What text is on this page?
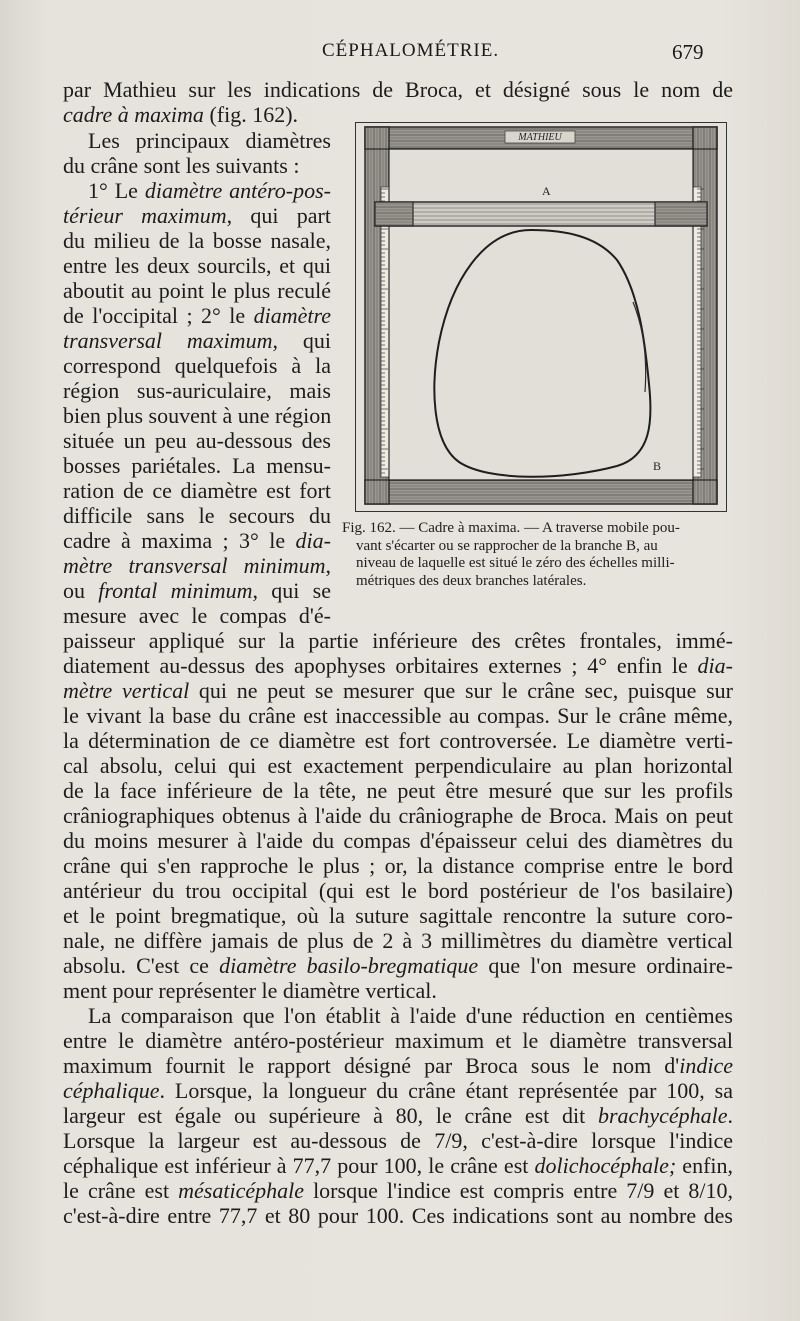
CÉPHALOMÉTRIE.	679
par Mathieu sur les indications de Broca, et désigné sous le nom de
cadre à maxima (fig. 162).
Les principaux diamètres
du crâne sont les suivants :
1° Le diamètre antéro-pos-
térieur maximum, qui part
du milieu de la bosse nasale,
entre les deux sourcils, et qui
aboutit au point le plus reculé
de l'occipital ; 2° le diamètre
transversal maximum, qui
correspond quelquefois à la
région sus-auriculaire, mais
bien plus souvent à une région
située un peu au-dessous des
bosses pariétales. La mensu-
ration de ce diamètre est fort
difficile sans le secours du
cadre à maxima ; 3° le dia-
mètre transversal minimum,
ou frontal minimum, qui se
mesure avec le compas d'é-
paisseur appliqué sur la partie inférieure des crêtes frontales, immé-
diatement au-dessus des apophyses orbitaires externes ; 4° enfin le dia-
mètre vertical qui ne peut se mesurer que sur le crâne sec, puisque sur
le vivant la base du crâne est inaccessible au compas. Sur le crâne même,
la détermination de ce diamètre est fort controversée. Le diamètre verti-
cal absolu, celui qui est exactement perpendiculaire au plan horizontal
de la face inférieure de la tête, ne peut être mesuré que sur les profils
crâniographiques obtenus à l'aide du crâniographe de Broca. Mais on peut
du moins mesurer à l'aide du compas d'épaisseur celui des diamètres du
crâne qui s'en rapproche le plus ; or, la distance comprise entre le bord
antérieur du trou occipital (qui est le bord postérieur de l'os basilaire)
et le point bregmatique, où la suture sagittale rencontre la suture coro-
nale, ne diffère jamais de plus de 2 à 3 millimètres du diamètre vertical
absolu. C'est ce diamètre basilo-bregmatique que l'on mesure ordinaire-
ment pour représenter le diamètre vertical.
La comparaison que l'on établit à l'aide d'une réduction en centièmes
entre le diamètre antéro-postérieur maximum et le diamètre transversal
maximum fournit le rapport désigné par Broca sous le nom d'indice
céphalique. Lorsque, la longueur du crâne étant représentée par 100, sa
largeur est égale ou supérieure à 80, le crâne est dit brachycéphale.
Lorsque la largeur est au-dessous de 7/9, c'est-à-dire lorsque l'indice
céphalique est inférieur à 77,7 pour 100, le crâne est dolichocéphale; enfin,
le crâne est mésaticéphale lorsque l'indice est compris entre 7/9 et 8/10,
c'est-à-dire entre 77,7 et 80 pour 100. Ces indications sont au nombre des
MATHIEU
A
B
Fig. 162. — Cadre à maxima. — A traverse mobile pou-
vant s'écarter ou se rapprocher de la branche B, au
niveau de laquelle est situé le zéro des échelles milli-
métriques des deux branches latérales.
